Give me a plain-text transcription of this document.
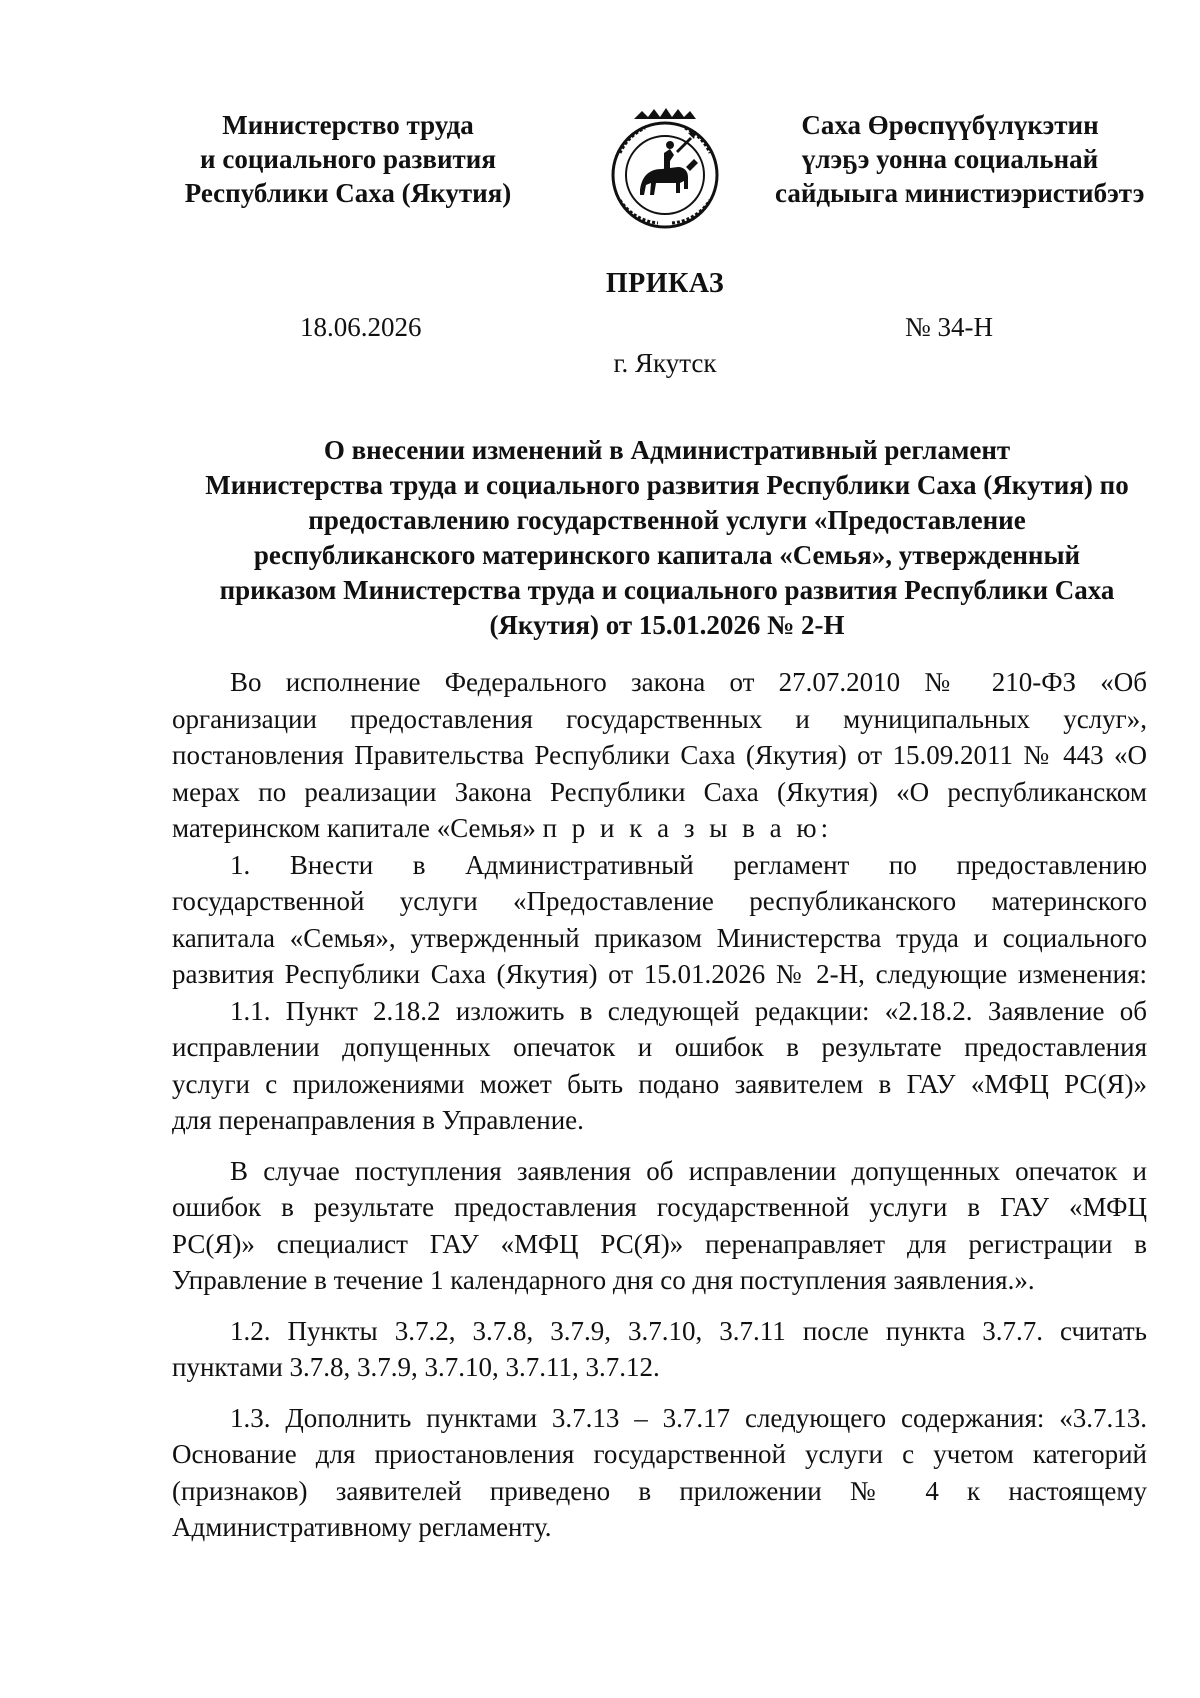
Министерство труда
и социального развития
Республики Саха (Якутия)
Саха Өрөспүүбүлүкэтин
үлэҕэ уонна социальнай
сайдыыга министиэристибэтэ
ПРИКАЗ
18.06.2026	№ 34-Н
г. Якутск
О внесении изменений в Административный регламент
Министерства труда и социального развития Республики Саха (Якутия) по
предоставлению государственной услуги «Предоставление
республиканского материнского капитала «Семья», утвержденный
приказом Министерства труда и социального развития Республики Саха
(Якутия) от 15.01.2026 № 2-Н
Во исполнение Федерального закона от 27.07.2010 № 210-ФЗ «Об
организации предоставления государственных и муниципальных услуг»,
постановления Правительства Республики Саха (Якутия) от 15.09.2011 № 443 «О
мерах по реализации Закона Республики Саха (Якутия) «О республиканском
материнском капитале «Семья» п р и к а з ы в а ю:
1. Внести в Административный регламент по предоставлению
государственной услуги «Предоставление республиканского материнского
капитала «Семья», утвержденный приказом Министерства труда и социального
развития Республики Саха (Якутия) от 15.01.2026 № 2-Н, следующие изменения:
1.1. Пункт 2.18.2 изложить в следующей редакции: «2.18.2. Заявление об
исправлении допущенных опечаток и ошибок в результате предоставления
услуги с приложениями может быть подано заявителем в ГАУ «МФЦ РС(Я)»
для перенаправления в Управление.
В случае поступления заявления об исправлении допущенных опечаток и
ошибок в результате предоставления государственной услуги в ГАУ «МФЦ
РС(Я)» специалист ГАУ «МФЦ РС(Я)» перенаправляет для регистрации в
Управление в течение 1 календарного дня со дня поступления заявления.».
1.2. Пункты 3.7.2, 3.7.8, 3.7.9, 3.7.10, 3.7.11 после пункта 3.7.7. считать
пунктами 3.7.8, 3.7.9, 3.7.10, 3.7.11, 3.7.12.
1.3. Дополнить пунктами 3.7.13 – 3.7.17 следующего содержания: «3.7.13.
Основание для приостановления государственной услуги с учетом категорий
(признаков) заявителей приведено в приложении № 4 к настоящему
Административному регламенту.
